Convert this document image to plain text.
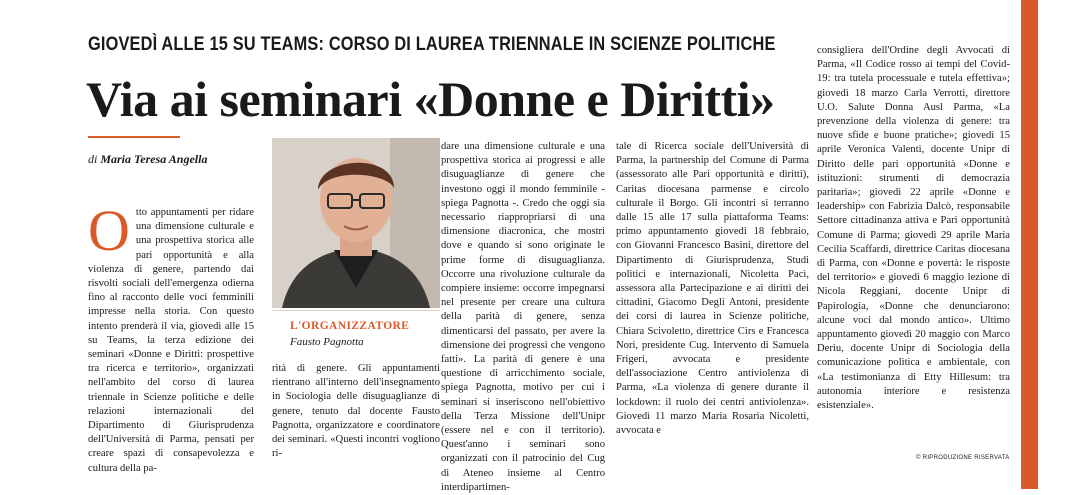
GIOVEDÌ ALLE 15 SU TEAMS: CORSO DI LAUREA TRIENNALE IN SCIENZE POLITICHE
Via ai seminari «Donne e Diritti»
di Maria Teresa Angella
O tto appuntamenti per ridare una dimensione culturale e una prospettiva storica alle pari opportunità e alla violenza di genere, partendo dai risvolti sociali dell'emergenza odierna fino al racconto delle voci femminili impresse nella storia. Con questo intento prenderà il via, giovedì alle 15 su Teams, la terza edizione dei seminari «Donne e Diritti: prospettive tra ricerca e territorio», organizzati nell'ambito del corso di laurea triennale in Scienze politiche e delle relazioni internazionali del Dipartimento di Giurisprudenza dell'Università di Parma, pensati per creare spazi di consapevolezza e cultura della pa-
L'ORGANIZZATORE
Fausto Pagnotta
rità di genere. Gli appuntamenti rientrano all'interno dell'insegnamento in Sociologia delle disuguaglianze di genere, tenuto dal docente Fausto Pagnotta, organizzatore e coordinatore dei seminari. «Questi incontri vogliono ri-
dare una dimensione culturale e una prospettiva storica ai progressi e alle disuguaglianze di genere che investono oggi il mondo femminile - spiega Pagnotta -. Credo che oggi sia necessario riappropriarsi di una dimensione diacronica, che mostri dove e quando si sono originate le prime forme di disuguaglianza. Occorre una rivoluzione culturale da compiere insieme: occorre impegnarsi nel presente per creare una cultura della parità di genere, senza dimenticarsi del passato, per avere la dimensione dei progressi che vengono fatti». La parità di genere è una questione di arricchimento sociale, spiega Pagnotta, motivo per cui i seminari si inseriscono nell'obiettivo della Terza Missione dell'Unipr (essere nel e con il territorio). Quest'anno i seminari sono organizzati con il patrocinio del Cug di Ateneo insieme al Centro interdipartimen-
tale di Ricerca sociale dell'Università di Parma, la partnership del Comune di Parma (assessorato alle Pari opportunità e diritti), Caritas diocesana parmense e circolo culturale il Borgo. Gli incontri si terranno dalle 15 alle 17 sulla piattaforma Teams: primo appuntamento giovedì 18 febbraio, con Giovanni Francesco Basini, direttore del Dipartimento di Giurisprudenza, Studi politici e internazionali, Nicoletta Paci, assessora alla Partecipazione e ai diritti dei cittadini, Giacomo Degli Antoni, presidente dei corsi di laurea in Scienze politiche, Chiara Scivoletto, direttrice Cirs e Francesca Nori, presidente Cug. Intervento di Samuela Frigeri, avvocata e presidente dell'associazione Centro antiviolenza di Parma, «La violenza di genere durante il lockdown: il ruolo dei centri antiviolenza». Giovedì 11 marzo Maria Rosaria Nicoletti, avvocata e
consigliera dell'Ordine degli Avvocati di Parma, «Il Codice rosso ai tempi del Covid-19: tra tutela processuale e tutela effettiva»; giovedì 18 marzo Carla Verrotti, direttore U.O. Salute Donna Ausl Parma, «La prevenzione della violenza di genere: tra nuove sfide e buone pratiche»; giovedì 15 aprile Veronica Valenti, docente Unipr di Diritto delle pari opportunità «Donne e istituzioni: strumenti di democrazia paritaria»; giovedì 22 aprile «Donne e leadership» con Fabrizia Dalcò, responsabile Settore cittadinanza attiva e Pari opportunità Comune di Parma; giovedì 29 aprile Maria Cecilia Scaffardi, direttrice Caritas diocesana di Parma, con «Donne e povertà: le risposte del territorio» e giovedì 6 maggio lezione di Nicola Reggiani, docente Unipr di Papirologia, «Donne che denunciarono: alcune voci dal mondo antico». Ultimo appuntamento giovedì 20 maggio con Marco Deriu, docente Unipr di Sociologia della comunicazione politica e ambientale, con «La testimonianza di Etty Hillesum: tra autonomia interiore e resistenza esistenziale».
© RIPRODUZIONE RISERVATA
